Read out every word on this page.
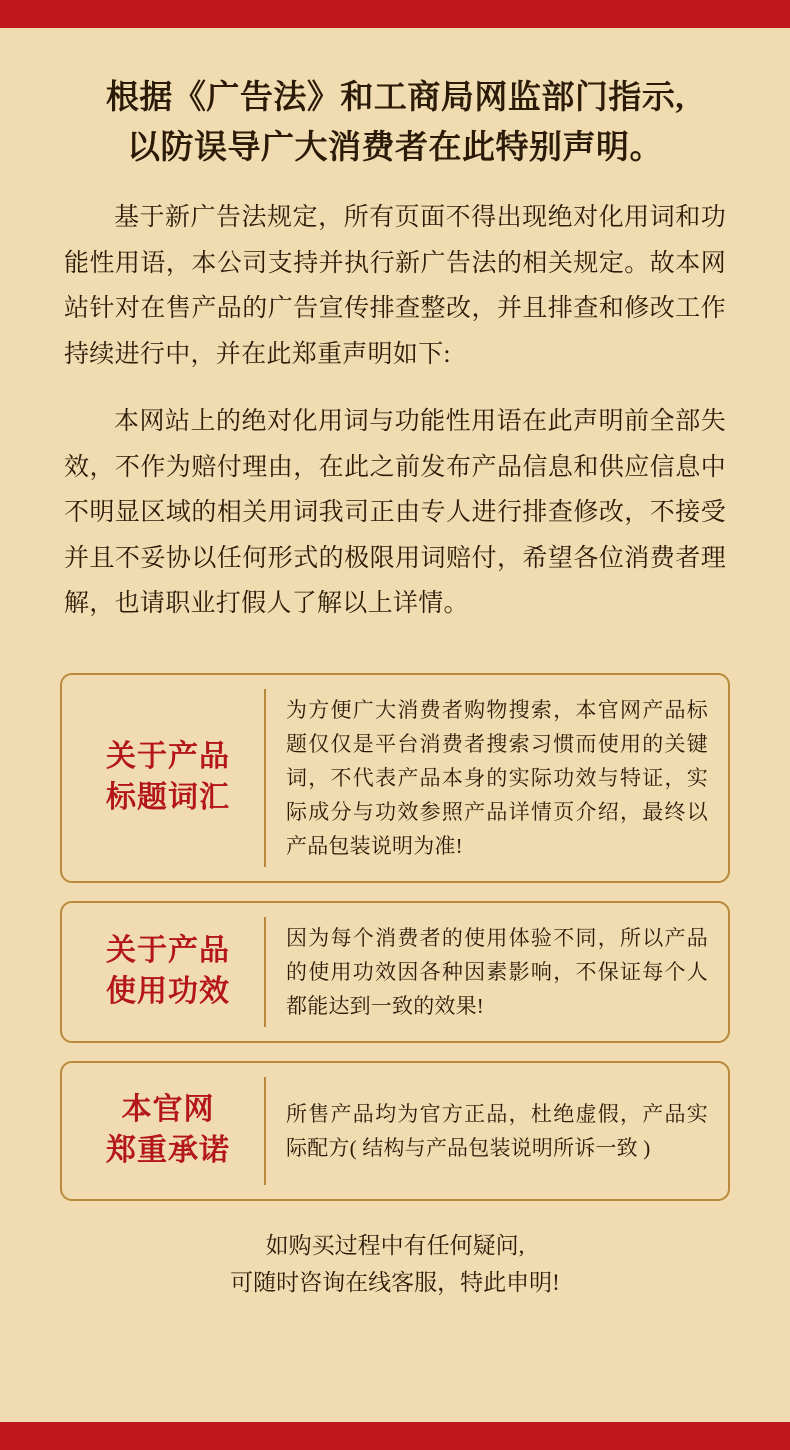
根据《广告法》和工商局网监部门指示,
以防误导广大消费者在此特别声明。

基于新广告法规定，所有页面不得出现绝对化用词和功能性用语，本公司支持并执行新广告法的相关规定。故本网站针对在售产品的广告宣传排查整改，并且排查和修改工作持续进行中，并在此郑重声明如下:

本网站上的绝对化用词与功能性用语在此声明前全部失效，不作为赔付理由，在此之前发布产品信息和供应信息中不明显区域的相关用词我司正由专人进行排查修改，不接受并且不妥协以任何形式的极限用词赔付，希望各位消费者理解，也请职业打假人了解以上详情。

关于产品
标题词汇
为方便广大消费者购物搜索，本官网产品标题仅仅是平台消费者搜索习惯而使用的关键词，不代表产品本身的实际功效与特证，实际成分与功效参照产品详情页介绍，最终以产品包装说明为准!
关于产品
使用功效
因为每个消费者的使用体验不同，所以产品的使用功效因各种因素影响，不保证每个人都能达到一致的效果!
本官网
郑重承诺
所售产品均为官方正品，杜绝虚假，产品实际配方( 结构与产品包装说明所诉一致 )
如购买过程中有任何疑问,
可随时咨询在线客服，特此申明!
